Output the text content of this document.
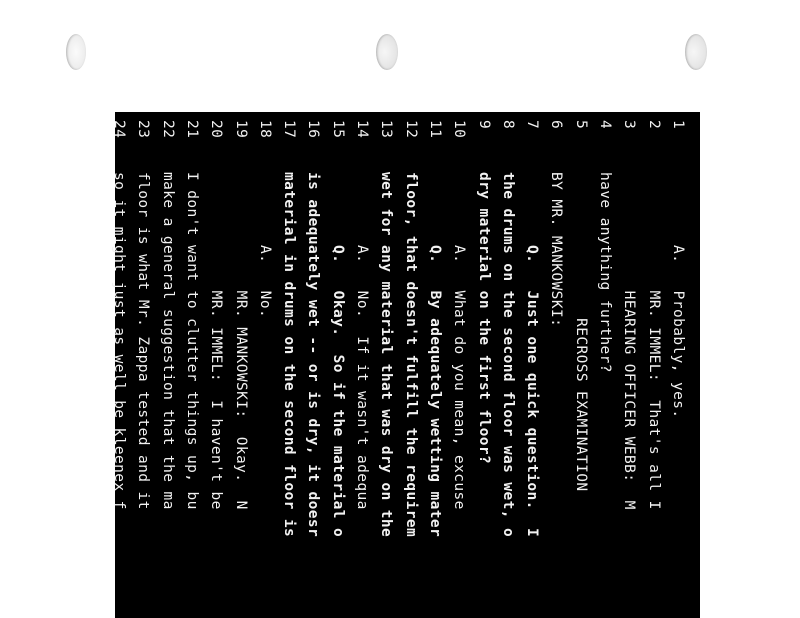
1
A.   Probably, yes.
2
MR. IMMEL:  That's all I
3
HEARING OFFICER WEBB:  M
4
have anything further?
5
RECROSS EXAMINATION
6
BY MR. MANKOWSKI:
7
Q.   Just one quick question.  I
8
the drums on the second floor was wet, o
9
dry material on the first floor?
10
A.   What do you mean, excuse
11
Q.   By adequately wetting mater
12
floor, that doesn't fulfill the requirem
13
wet for any material that was dry on the
14
A.   No.  If it wasn't adequa
15
Q.   Okay.  So if the material o
16
is adequately wet -- or is dry, it doesr
17
material in drums on the second floor is
18
A.   No.
19
MR. MANKOWSKI:  Okay.  N
20
MR. IMMEL:  I haven't be
21
I don't want to clutter things up, bu
22
make a general suggestion that the ma
23
floor is what Mr. Zappa tested and it
24
so it might just as well be kleenex f
